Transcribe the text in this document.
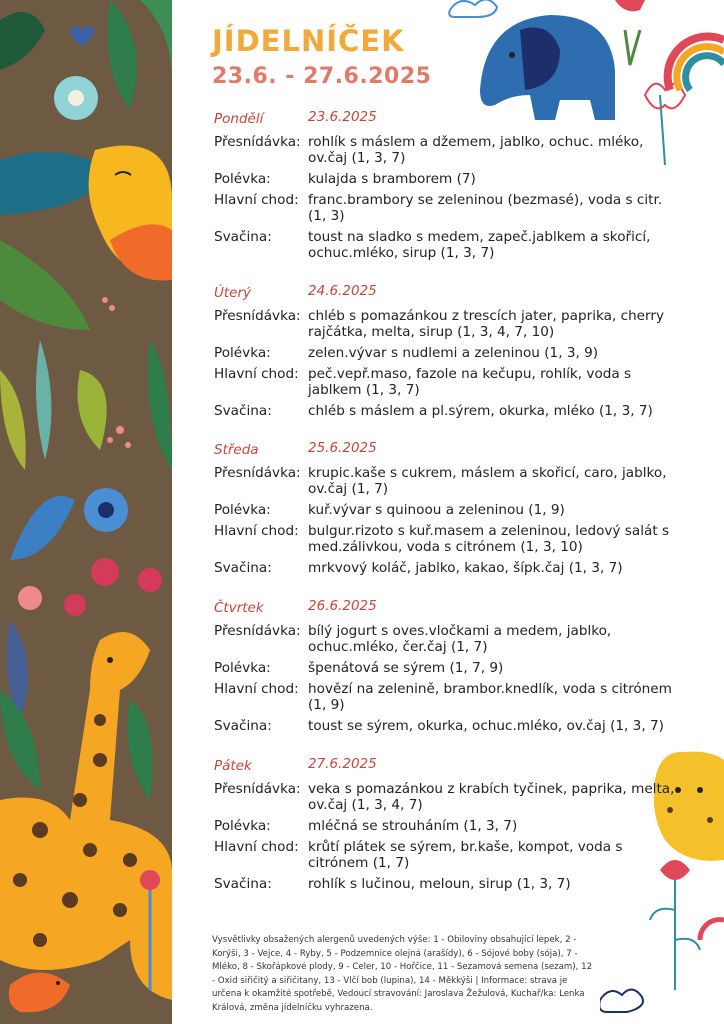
JÍDELNÍČEK
23.6. - 27.6.2025
Pondělí	23.6.2025
Přesnídávka: rohlík s máslem a džemem, jablko, ochuc. mléko, ov.čaj (1, 3, 7)
Polévka:	kulajda s bramborem (7)
Hlavní chod: franc.brambory se zeleninou (bezmasé), voda s citr. (1, 3)
Svačina:	toust na sladko s medem, zapeč.jablkem a skořicí, ochuc.mléko, sirup (1, 3, 7)
Úterý	24.6.2025
Přesnídávka: chléb s pomazánkou z trescích jater, paprika, cherry rajčátka, melta, sirup (1, 3, 4, 7, 10)
Polévka:	zelen.vývar s nudlemi a zeleninou (1, 3, 9)
Hlavní chod: peč.vepř.maso, fazole na kečupu, rohlík, voda s jablkem (1, 3, 7)
Svačina:	chléb s máslem a pl.sýrem, okurka, mléko (1, 3, 7)
Středa	25.6.2025
Přesnídávka: krupic.kaše s cukrem, máslem a skořicí, caro, jablko, ov.čaj (1, 7)
Polévka:	kuř.vývar s quinoou a zeleninou (1, 9)
Hlavní chod: bulgur.rizoto s kuř.masem a zeleninou, ledový salát s med.zálivkou, voda s citrónem (1, 3, 10)
Svačina:	mrkvový koláč, jablko, kakao, šípk.čaj (1, 3, 7)
Čtvrtek	26.6.2025
Přesnídávka: bílý jogurt s oves.vločkami a medem, jablko, ochuc.mléko, čer.čaj (1, 7)
Polévka:	špenátová se sýrem (1, 7, 9)
Hlavní chod: hovězí na zelenině, brambor.knedlík, voda s citrónem (1, 9)
Svačina:	toust se sýrem, okurka, ochuc.mléko, ov.čaj (1, 3, 7)
Pátek	27.6.2025
Přesnídávka: veka s pomazánkou z krabích tyčinek, paprika, melta, ov.čaj (1, 3, 4, 7)
Polévka:	mléčná se strouháním (1, 3, 7)
Hlavní chod: krůtí plátek se sýrem, br.kaše, kompot, voda s citrónem (1, 7)
Svačina:	rohlík s lučinou, meloun, sirup (1, 3, 7)
Vysvětlivky obsažených alergenů uvedených výše: 1 - Obiloviny obsahující lepek, 2 - Korýši, 3 - Vejce, 4 - Ryby, 5 - Podzemnice olejná (arašídy), 6 - Sójové boby (sója), 7 - Mléko, 8 - Skořápkové plody, 9 - Celer, 10 - Hořčice, 11 - Sezamová semena (sezam), 12 - Oxid siřičitý a siřičitany, 13 - Vlčí bob (lupina), 14 - Měkkýši | Informace: strava je určena k okamžité spotřebě, Vedoucí stravování: Jaroslava Žežulová, Kuchař/ka: Lenka Králová, změna jídelníčku vyhrazena.
